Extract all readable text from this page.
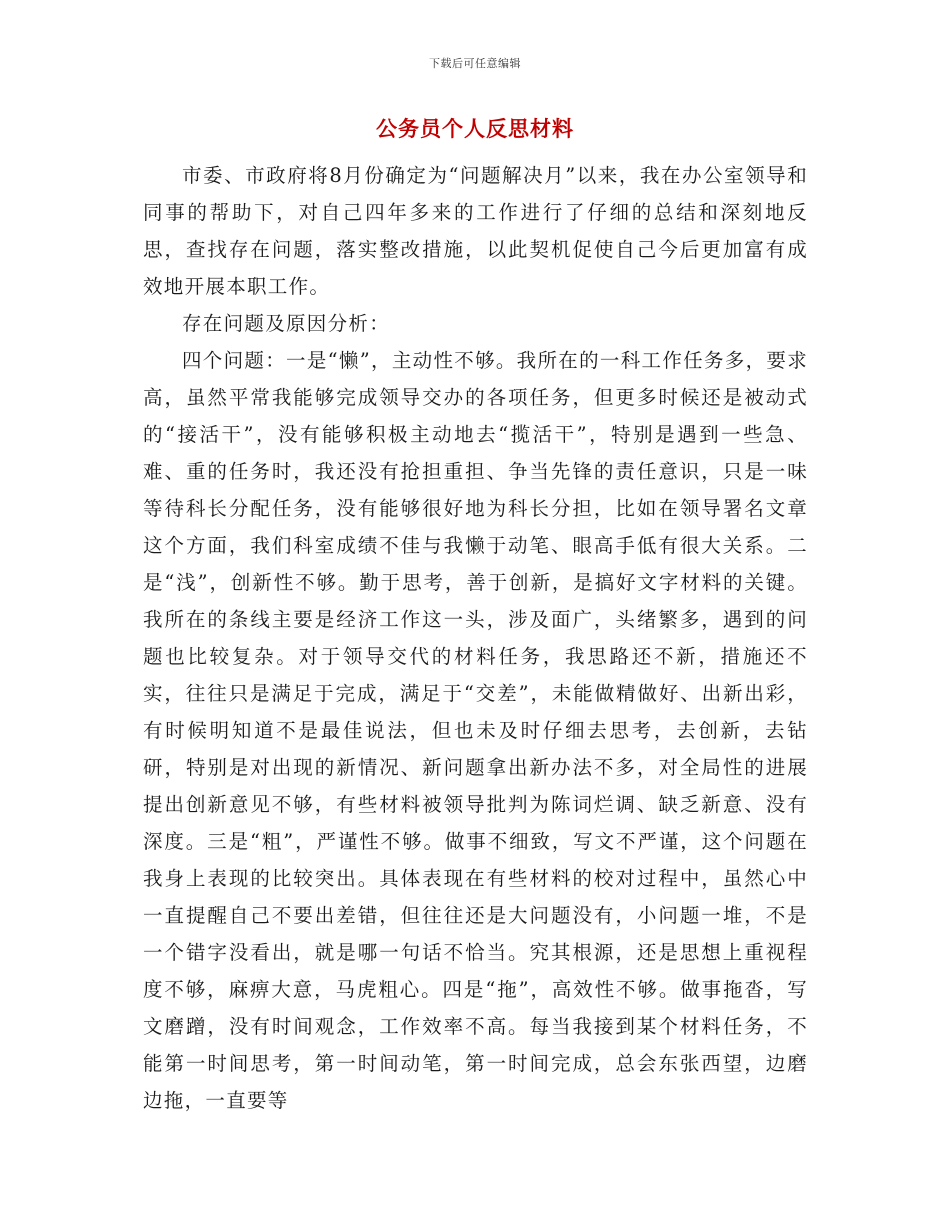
下载后可任意编辑
公务员个人反思材料

市委、市政府将8月份确定为“问题解决月”以来，我在办公室领导和同事的帮助下，对自己四年多来的工作进行了仔细的总结和深刻地反思，查找存在问题，落实整改措施，以此契机促使自己今后更加富有成效地开展本职工作。

存在问题及原因分析：

四个问题：一是“懒”，主动性不够。我所在的一科工作任务多，要求高，虽然平常我能够完成领导交办的各项任务，但更多时候还是被动式的“接活干”，没有能够积极主动地去“揽活干”，特别是遇到一些急、难、重的任务时，我还没有抢担重担、争当先锋的责任意识，只是一味等待科长分配任务，没有能够很好地为科长分担，比如在领导署名文章这个方面，我们科室成绩不佳与我懒于动笔、眼高手低有很大关系。二是“浅”，创新性不够。勤于思考，善于创新，是搞好文字材料的关键。我所在的条线主要是经济工作这一头，涉及面广，头绪繁多，遇到的问题也比较复杂。对于领导交代的材料任务，我思路还不新，措施还不实，往往只是满足于完成，满足于“交差”，未能做精做好、出新出彩，有时候明知道不是最佳说法，但也未及时仔细去思考，去创新，去钻研，特别是对出现的新情况、新问题拿出新办法不多，对全局性的进展提出创新意见不够，有些材料被领导批判为陈词烂调、缺乏新意、没有深度。三是“粗”，严谨性不够。做事不细致，写文不严谨，这个问题在我身上表现的比较突出。具体表现在有些材料的校对过程中，虽然心中一直提醒自己不要出差错，但往往还是大问题没有，小问题一堆，不是一个错字没看出，就是哪一句话不恰当。究其根源，还是思想上重视程度不够，麻痹大意，马虎粗心。四是“拖”，高效性不够。做事拖沓，写文磨蹭，没有时间观念，工作效率不高。每当我接到某个材料任务，不能第一时间思考，第一时间动笔，第一时间完成，总会东张西望，边磨边拖，一直要等
